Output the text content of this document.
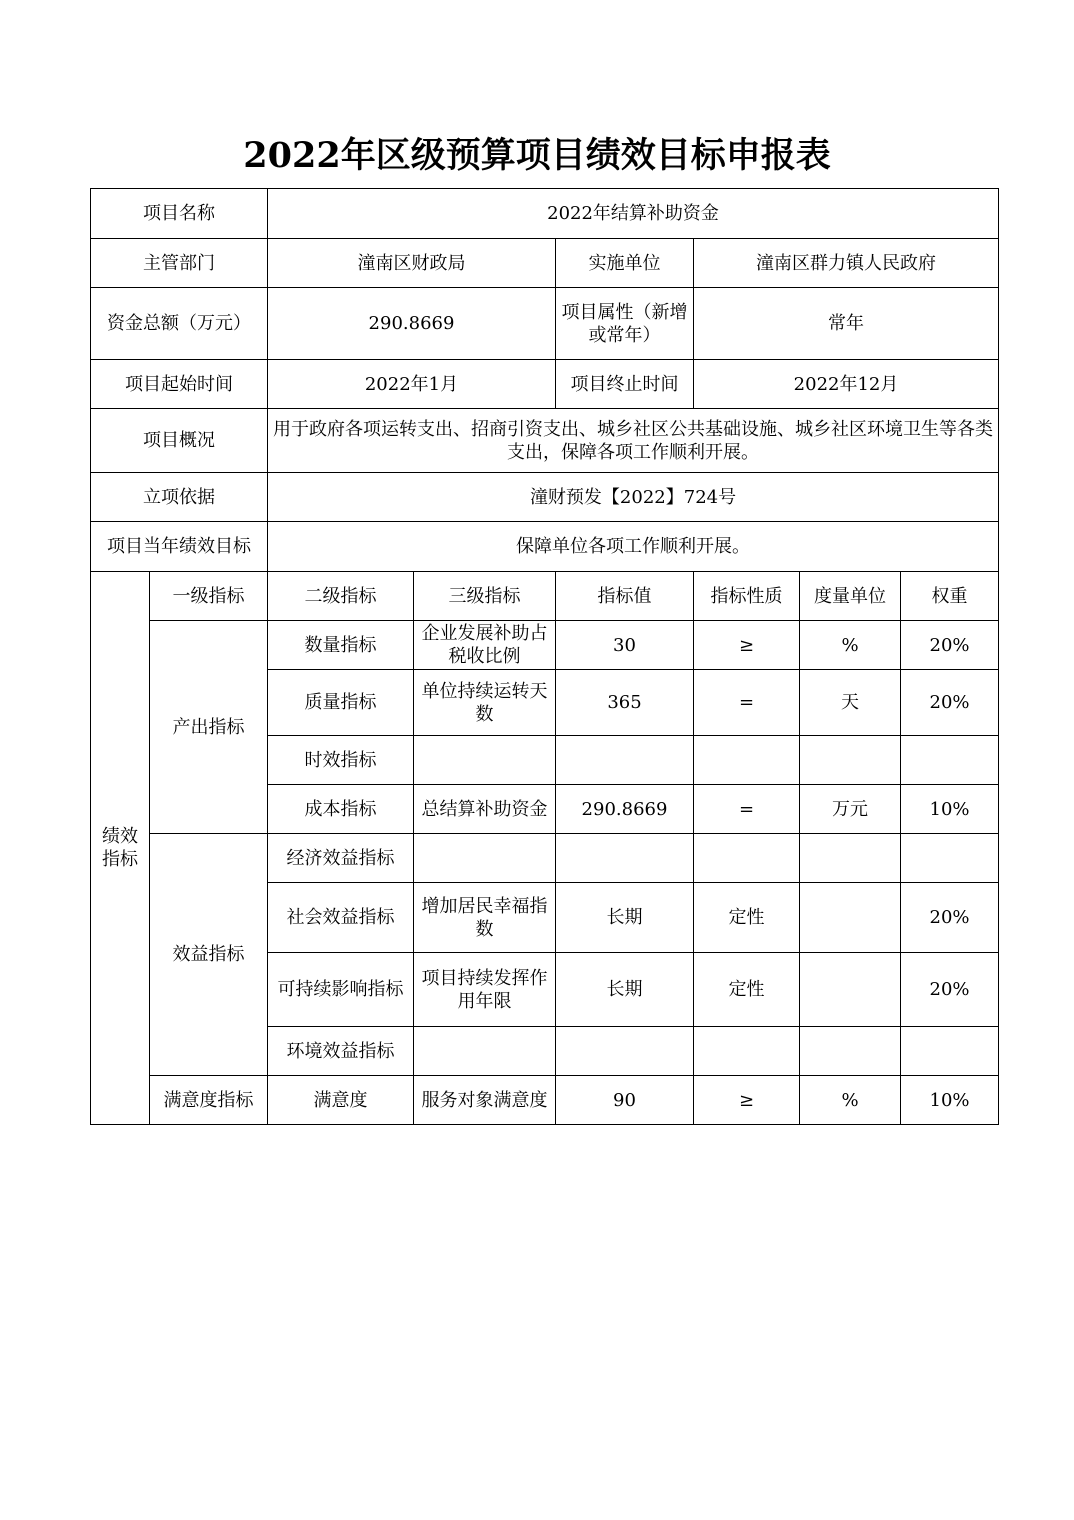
2022年区级预算项目绩效目标申报表
项目名称		2022年结算补助资金					
主管部门		潼南区财政局		实施单位	潼南区群力镇人民政府		
资金总额（万元）		290.8669		项目属性（新增或常年）	常年		
项目起始时间		2022年1月		项目终止时间	2022年12月		
项目概况		用于政府各项运转支出、招商引资支出、城乡社区公共基础设施、城乡社区环境卫生等各类支出，保障各项工作顺利开展。					
立项依据		潼财预发【2022】724号					
项目当年绩效目标		保障单位各项工作顺利开展。					
绩效指标	一级指标	二级指标	三级指标	指标值	指标性质	度量单位	权重
	产出指标	数量指标	企业发展补助占税收比例	30	≥	%	20%
		质量指标	单位持续运转天数	365	=	天	20%
		时效指标					
		成本指标	总结算补助资金	290.8669	=	万元	10%
	效益指标	经济效益指标					
		社会效益指标	增加居民幸福指数	长期	定性		20%
		可持续影响指标	项目持续发挥作用年限	长期	定性		20%
		环境效益指标					
	满意度指标	满意度	服务对象满意度	90	≥	%	10%
